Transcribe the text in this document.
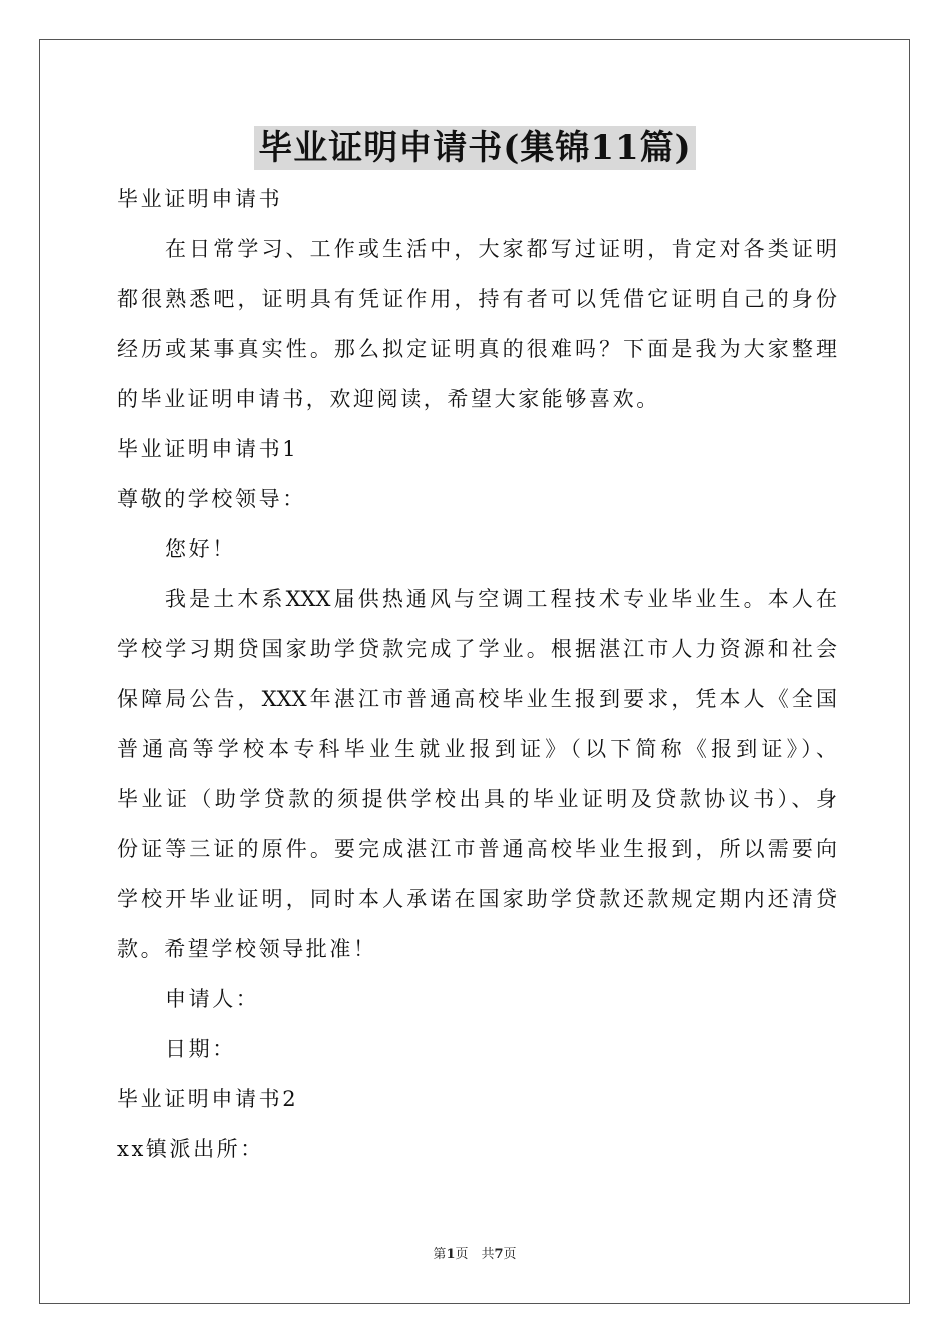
毕业证明申请书(集锦11篇)
毕业证明申请书
在日常学习、工作或生活中，大家都写过证明，肯定对各类证明
都很熟悉吧，证明具有凭证作用，持有者可以凭借它证明自己的身份
经历或某事真实性。那么拟定证明真的很难吗？下面是我为大家整理
的毕业证明申请书，欢迎阅读，希望大家能够喜欢。
毕业证明申请书1
尊敬的学校领导：
您好！
我是土木系XXX届供热通风与空调工程技术专业毕业生。本人在
学校学习期贷国家助学贷款完成了学业。根据湛江市人力资源和社会
保障局公告，XXX年湛江市普通高校毕业生报到要求，凭本人《全国
普通高等学校本专科毕业生就业报到证》（以下简称《报到证》）、
毕业证（助学贷款的须提供学校出具的毕业证明及贷款协议书）、身
份证等三证的原件。要完成湛江市普通高校毕业生报到，所以需要向
学校开毕业证明，同时本人承诺在国家助学贷款还款规定期内还清贷
款。希望学校领导批准！
申请人：
日期：
毕业证明申请书2
xx镇派出所：
第1页　共7页
